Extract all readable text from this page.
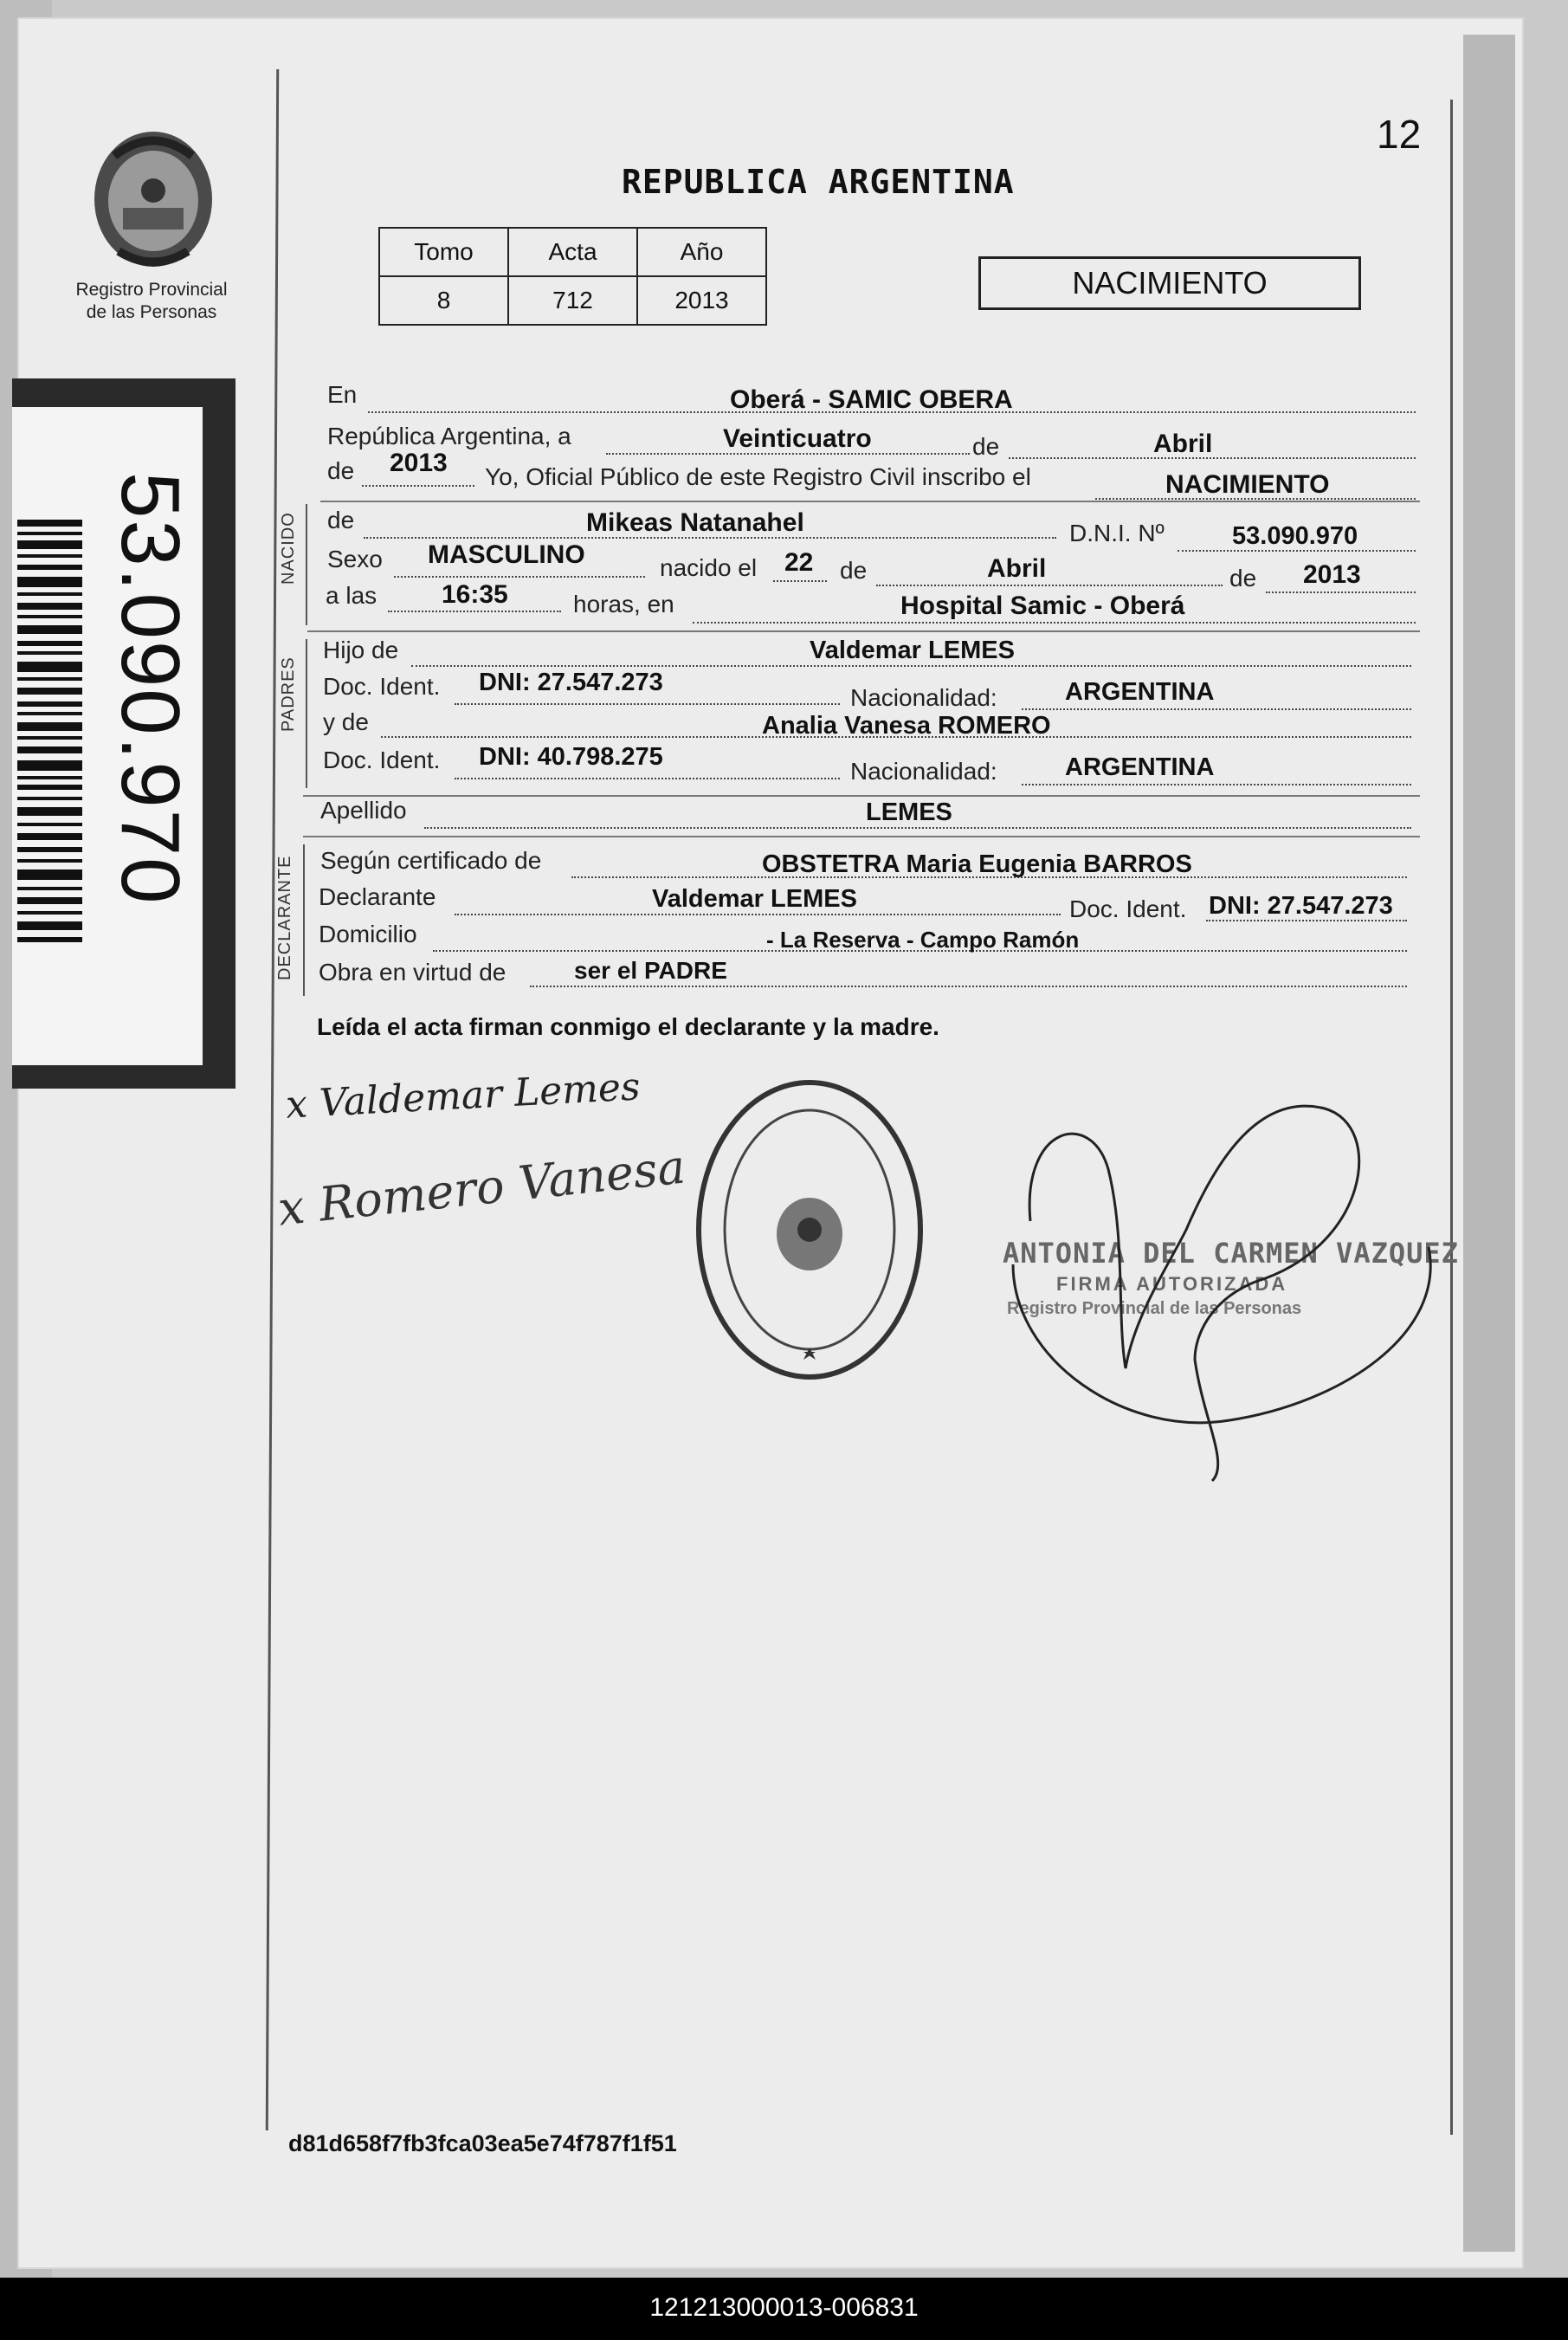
Registro Provincial
de las Personas
53.090.970
12
REPUBLICA ARGENTINA
Tomo	Acta	Año
8	712	2013	NACIMIENTO
NACIDO
PADRES
DECLARANTE
En	Oberá - SAMIC OBERA
República Argentina, a	Veinticuatro	de	Abril
de 2013 Yo, Oficial Público de este Registro Civil inscribo el	NACIMIENTO
de	Mikeas Natanahel	D.N.I. Nº	53.090.970
Sexo MASCULINO	nacido el 22 de	Abril	de 2013
a las 16:35	horas, en	Hospital Samic - Oberá
Hijo de	Valdemar LEMES
Doc. Ident. DNI: 27.547.273
Nacionalidad:	ARGENTINA
y de	Analia Vanesa ROMERO
Doc. Ident. DNI: 40.798.275
Nacionalidad:	ARGENTINA
Apellido	LEMES
Según certificado de	OBSTETRA Maria Eugenia BARROS
Declarante	Valdemar LEMES	Doc. Ident. DNI: 27.547.273
Domicilio	- La Reserva - Campo Ramón
Obra en virtud de	ser el PADRE
Leída el acta firman conmigo el declarante y la madre.
x Valdemar Lemes
x Romero Vanesa
ANTONIA DEL CARMEN VAZQUEZ
FIRMA AUTORIZADA
Registro Provincial de las Personas
d81d658f7fb3fca03ea5e74f787f1f51
121213000013-006831
